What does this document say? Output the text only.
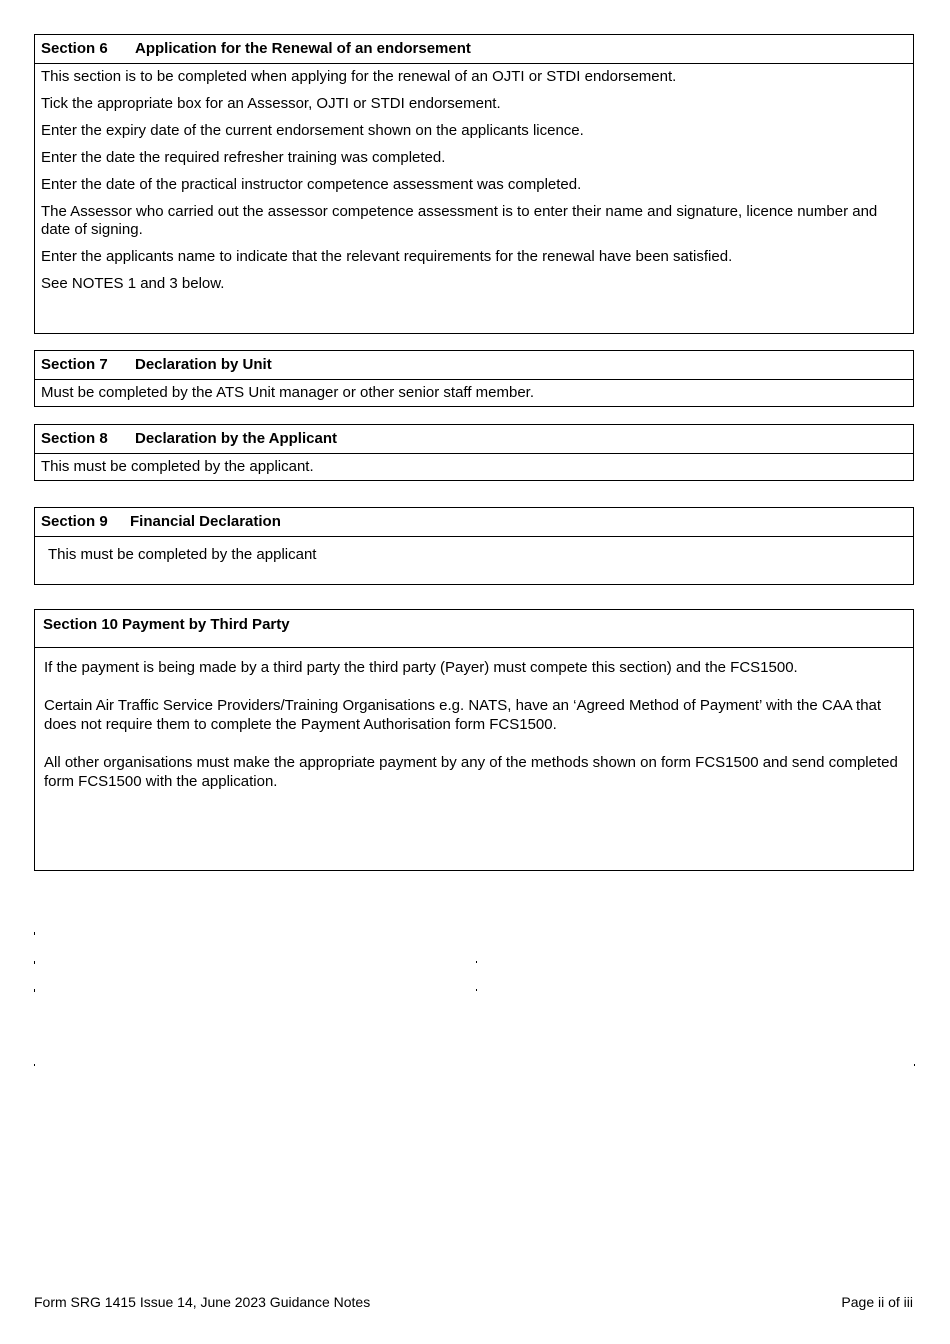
Section 6 Application for the Renewal of an endorsement

This section is to be completed when applying for the renewal of an OJTI or STDI endorsement.

Tick the appropriate box for an Assessor, OJTI or STDI endorsement.

Enter the expiry date of the current endorsement shown on the applicants licence.

Enter the date the required refresher training was completed.

Enter the date of the practical instructor competence assessment was completed.

The Assessor who carried out the assessor competence assessment is to enter their name and signature, licence number and date of signing.

Enter the applicants name to indicate that the relevant requirements for the renewal have been satisfied.

See NOTES 1 and 3 below.

Section 7 Declaration by Unit

Must be completed by the ATS Unit manager or other senior staff member.

Section 8 Declaration by the Applicant

This must be completed by the applicant.

Section 9 Financial Declaration

This must be completed by the applicant

Section 10 Payment by Third Party

If the payment is being made by a third party the third party (Payer) must compete this section) and the FCS1500.

Certain Air Traffic Service Providers/Training Organisations e.g. NATS, have an ‘Agreed Method of Payment’ with the CAA that does not require them to complete the Payment Authorisation form FCS1500.

All other organisations must make the appropriate payment by any of the methods shown on form FCS1500 and send completed form FCS1500 with the application.

Form SRG 1415 Issue 14, June 2023 Guidance Notes	Page ii of iii
